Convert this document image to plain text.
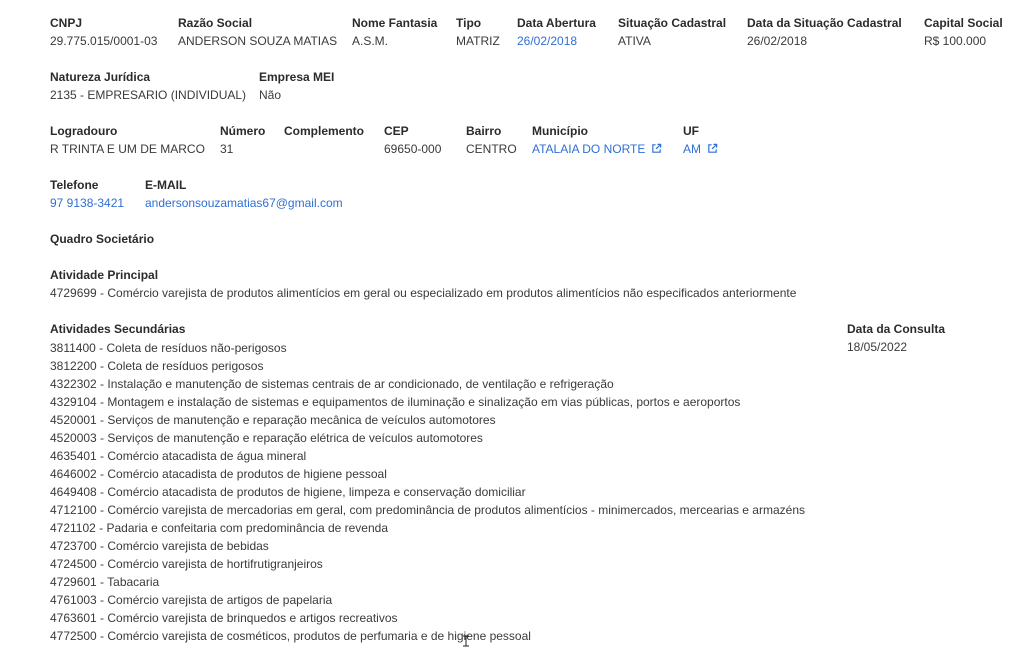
CNPJ
29.775.015/0001-03
Razão Social
ANDERSON SOUZA MATIAS
Nome Fantasia
A.S.M.
Tipo
MATRIZ
Data Abertura
26/02/2018
Situação Cadastral
ATIVA
Data da Situação Cadastral
26/02/2018
Capital Social
R$ 100.000
Natureza Jurídica
2135 - EMPRESARIO (INDIVIDUAL)
Empresa MEI
Não
Logradouro
R TRINTA E UM DE MARCO
Número
31
Complemento CEP
69650-000
Bairro
CENTRO
Município
ATALAIA DO NORTE
UF
AM
Telefone
97 9138-3421
E-MAIL
andersonsouzamatias67@gmail.com
Quadro Societário
Atividade Principal
4729699 - Comércio varejista de produtos alimentícios em geral ou especializado em produtos alimentícios não especificados anteriormente
Atividades Secundárias
3811400 - Coleta de resíduos não-perigosos
3812200 - Coleta de resíduos perigosos
4322302 - Instalação e manutenção de sistemas centrais de ar condicionado, de ventilação e refrigeração
4329104 - Montagem e instalação de sistemas e equipamentos de iluminação e sinalização em vias públicas, portos e aeroportos
4520001 - Serviços de manutenção e reparação mecânica de veículos automotores
4520003 - Serviços de manutenção e reparação elétrica de veículos automotores
4635401 - Comércio atacadista de água mineral
4646002 - Comércio atacadista de produtos de higiene pessoal
4649408 - Comércio atacadista de produtos de higiene, limpeza e conservação domiciliar
4712100 - Comércio varejista de mercadorias em geral, com predominância de produtos alimentícios - minimercados, mercearias e armazéns
4721102 - Padaria e confeitaria com predominância de revenda
4723700 - Comércio varejista de bebidas
4724500 - Comércio varejista de hortifrutigranjeiros
4729601 - Tabacaria
4761003 - Comércio varejista de artigos de papelaria
4763601 - Comércio varejista de brinquedos e artigos recreativos
4772500 - Comércio varejista de cosméticos, produtos de perfumaria e de higiene pessoal
Data da Consulta
18/05/2022
